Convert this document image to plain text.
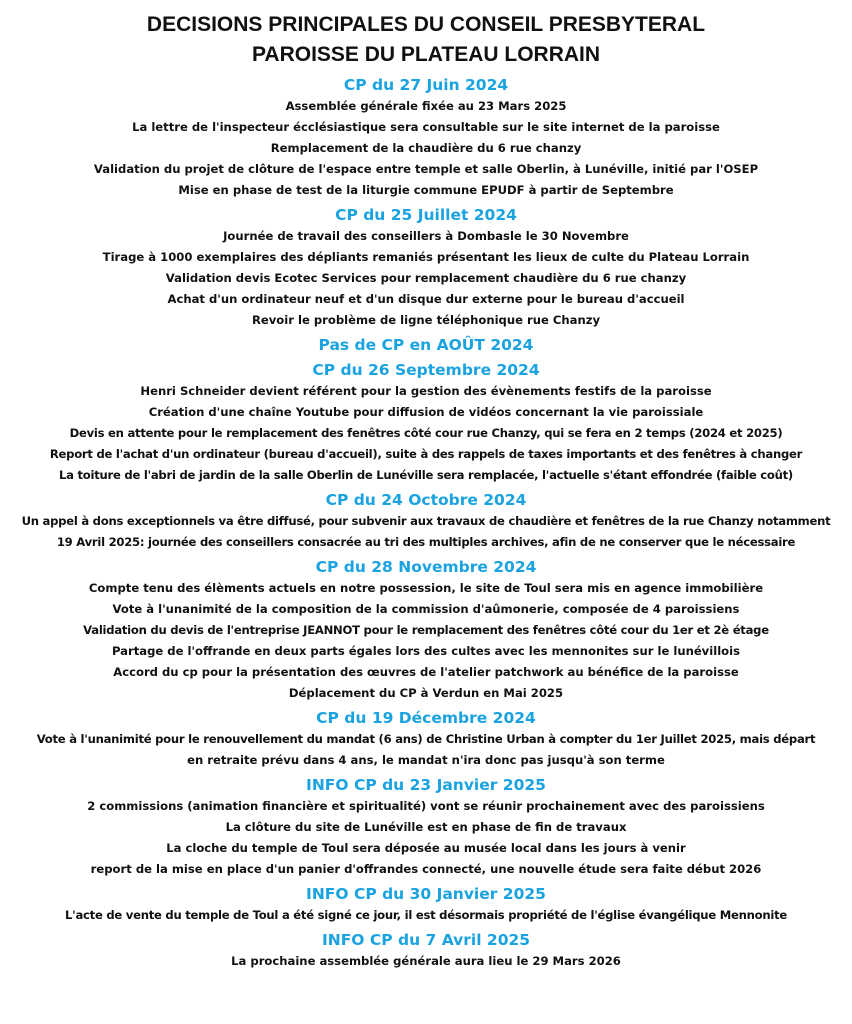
DECISIONS PRINCIPALES DU CONSEIL PRESBYTERAL
PAROISSE DU PLATEAU LORRAIN
CP du 27 Juin 2024
Assemblée générale fixée au 23 Mars 2025
La lettre de l'inspecteur écclésiastique sera consultable sur le site internet de la paroisse
Remplacement de la chaudière du 6 rue chanzy
Validation du projet de clôture de l'espace entre temple et salle Oberlin, à Lunéville, initié par l'OSEP
Mise en phase de test de la liturgie commune EPUDF à partir de Septembre
CP du 25 Juillet 2024
Journée de travail des conseillers à Dombasle le 30 Novembre
Tirage à 1000 exemplaires des dépliants remaniés présentant les lieux de culte du Plateau Lorrain
Validation devis Ecotec Services pour remplacement chaudière du 6 rue chanzy
Achat d'un ordinateur neuf et d'un disque dur externe pour le bureau d'accueil
Revoir le problème de ligne téléphonique rue Chanzy
Pas de CP en AOÛT 2024
CP du 26 Septembre 2024
Henri Schneider devient référent pour la gestion des évènements festifs de la paroisse
Création d'une chaîne Youtube pour diffusion de vidéos concernant la vie paroissiale
Devis en attente pour le remplacement des fenêtres côté cour rue Chanzy, qui se fera en 2 temps (2024 et 2025)
Report de l'achat d'un ordinateur (bureau d'accueil), suite à des rappels de taxes importants et des fenêtres à changer
La toiture de l'abri de jardin de la salle Oberlin de Lunéville sera remplacée, l'actuelle s'étant effondrée (faible coût)
CP du 24 Octobre 2024
Un appel à dons exceptionnels va être diffusé, pour subvenir aux travaux de chaudière et fenêtres de la rue Chanzy notamment
19 Avril 2025: journée des conseillers consacrée au tri des multiples archives, afin de ne conserver que le nécessaire
CP du 28 Novembre 2024
Compte tenu des élèments actuels en notre possession, le site de Toul sera mis en agence immobilière
Vote à l'unanimité de la composition de la commission d'aûmonerie, composée de 4 paroissiens
Validation du devis de l'entreprise JEANNOT pour le remplacement des fenêtres côté cour du 1er et 2è étage
Partage de l'offrande en deux parts égales lors des cultes avec les mennonites sur le lunévillois
Accord du cp pour la présentation des œuvres de l'atelier patchwork au bénéfice de la paroisse
Déplacement du CP à Verdun en Mai 2025
CP du 19 Décembre 2024
Vote à l'unanimité pour le renouvellement du mandat (6 ans) de Christine Urban à compter du 1er Juillet 2025, mais départ
en retraite prévu dans 4 ans, le mandat n'ira donc pas jusqu'à son terme
INFO CP du 23 Janvier 2025
2 commissions (animation financière et spiritualité) vont se réunir prochainement avec des paroissiens
La clôture du site de Lunéville est en phase de fin de travaux
La cloche du temple de Toul sera déposée au musée local dans les jours à venir
report de la mise en place d'un panier d'offrandes connecté, une nouvelle étude sera faite début 2026
INFO CP du 30 Janvier 2025
L'acte de vente du temple de Toul a été signé ce jour, il est désormais propriété de l'église évangélique Mennonite
INFO CP du 7 Avril 2025
La prochaine assemblée générale aura lieu le 29 Mars 2026
